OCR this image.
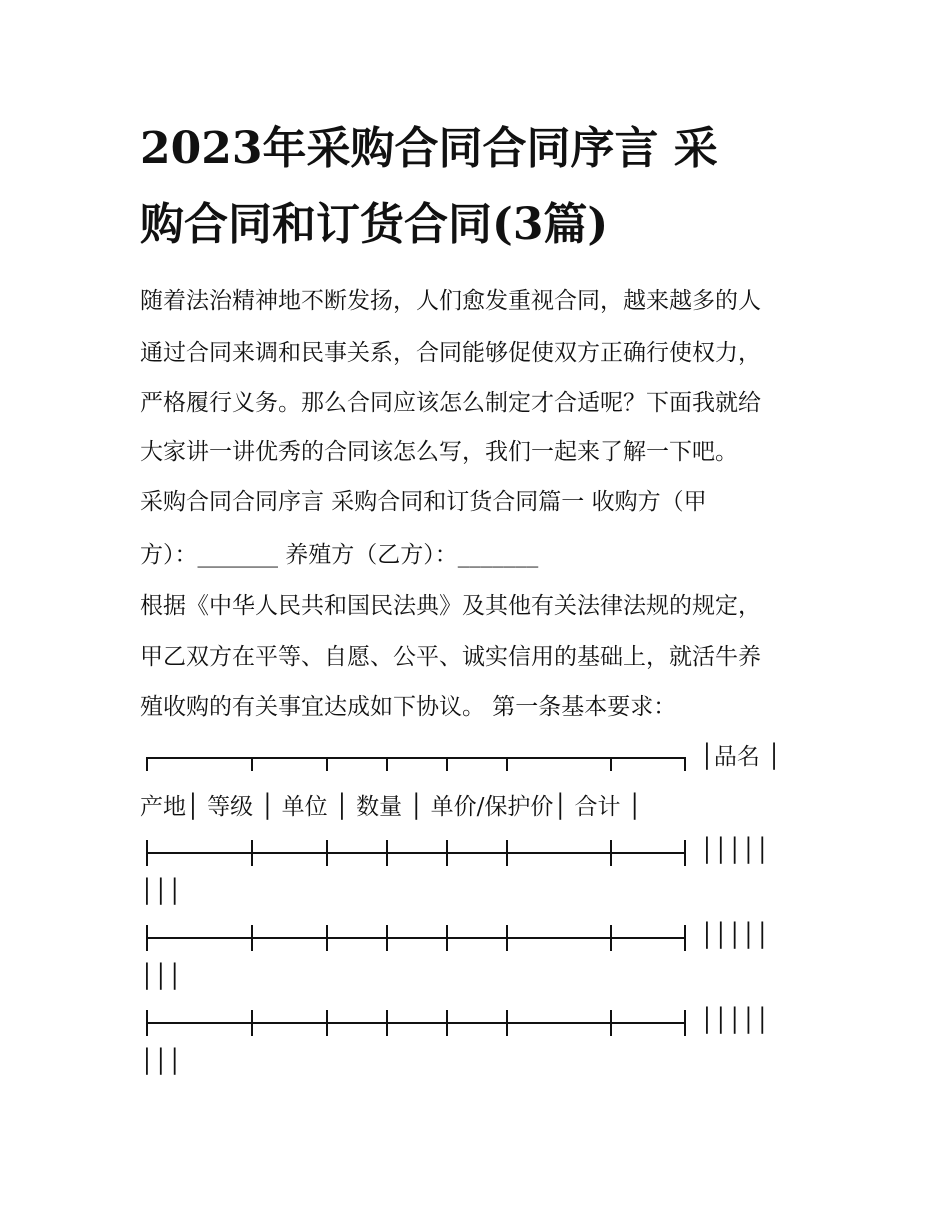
2023年采购合同合同序言 采
购合同和订货合同(3篇)
随着法治精神地不断发扬，人们愈发重视合同，越来越多的人
通过合同来调和民事关系，合同能够促使双方正确行使权力，
严格履行义务。那么合同应该怎么制定才合适呢？下面我就给
大家讲一讲优秀的合同该怎么写，我们一起来了解一下吧。
采购合同合同序言 采购合同和订货合同篇一 收购方（甲
方）：_______ 养殖方（乙方）：_______
根据《中华人民共和国民法典》及其他有关法律法规的规定，
甲乙双方在平等、自愿、公平、诚实信用的基础上，就活牛养
殖收购的有关事宜达成如下协议。 第一条基本要求：
│品名 │
产地│ 等级 │ 单位 │ 数量 │ 单价/保护价│ 合计 │
│││││
│││
│││││
│││
│││││
│││
